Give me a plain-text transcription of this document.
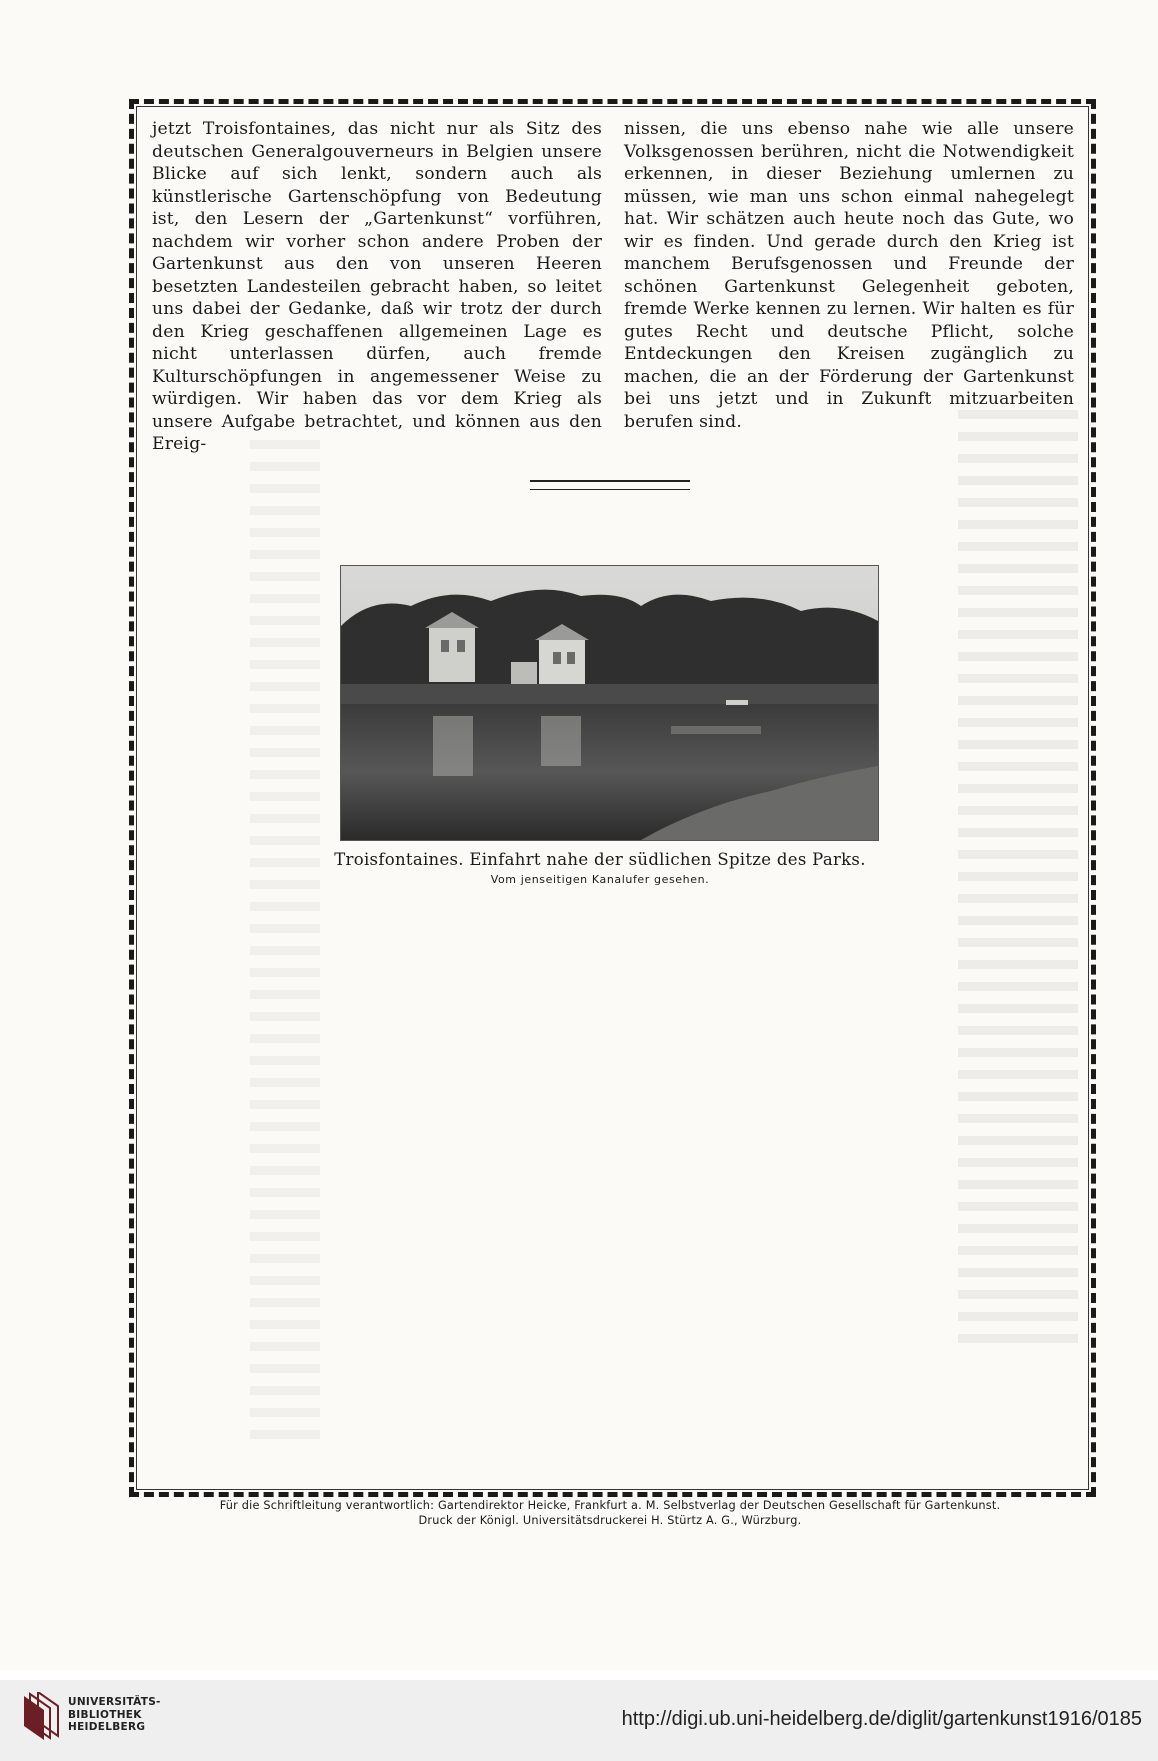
jetzt Troisfontaines, das nicht nur als Sitz des deutschen Generalgouverneurs in Belgien unsere Blicke auf sich lenkt, sondern auch als künstlerische Gartenschöpfung von Bedeutung ist, den Lesern der „Gartenkunst“ vorführen, nachdem wir vorher schon andere Proben der Gartenkunst aus den von unseren Heeren besetzten Landesteilen gebracht haben, so leitet uns dabei der Gedanke, daß wir trotz der durch den Krieg geschaffenen allgemeinen Lage es nicht unterlassen dürfen, auch fremde Kulturschöpfungen in angemessener Weise zu würdigen. Wir haben das vor dem Krieg als unsere Aufgabe betrachtet, und können aus den Ereig-

nissen, die uns ebenso nahe wie alle unsere Volksgenossen berühren, nicht die Notwendigkeit erkennen, in dieser Beziehung umlernen zu müssen, wie man uns schon einmal nahegelegt hat. Wir schätzen auch heute noch das Gute, wo wir es finden. Und gerade durch den Krieg ist manchem Berufsgenossen und Freunde der schönen Gartenkunst Gelegenheit geboten, fremde Werke kennen zu lernen. Wir halten es für gutes Recht und deutsche Pflicht, solche Entdeckungen den Kreisen zugänglich zu machen, die an der Förderung der Gartenkunst bei uns jetzt und in Zukunft mitzuarbeiten berufen sind.

Troisfontaines. Einfahrt nahe der südlichen Spitze des Parks.
Vom jenseitigen Kanalufer gesehen.
Für die Schriftleitung verantwortlich: Gartendirektor Heicke, Frankfurt a. M. Selbstverlag der Deutschen Gesellschaft für Gartenkunst.
Druck der Königl. Universitätsdruckerei H. Stürtz A. G., Würzburg.
UNIVERSITÄTS-
BIBLIOTHEK
HEIDELBERG	http://digi.ub.uni-heidelberg.de/diglit/gartenkunst1916/0185
